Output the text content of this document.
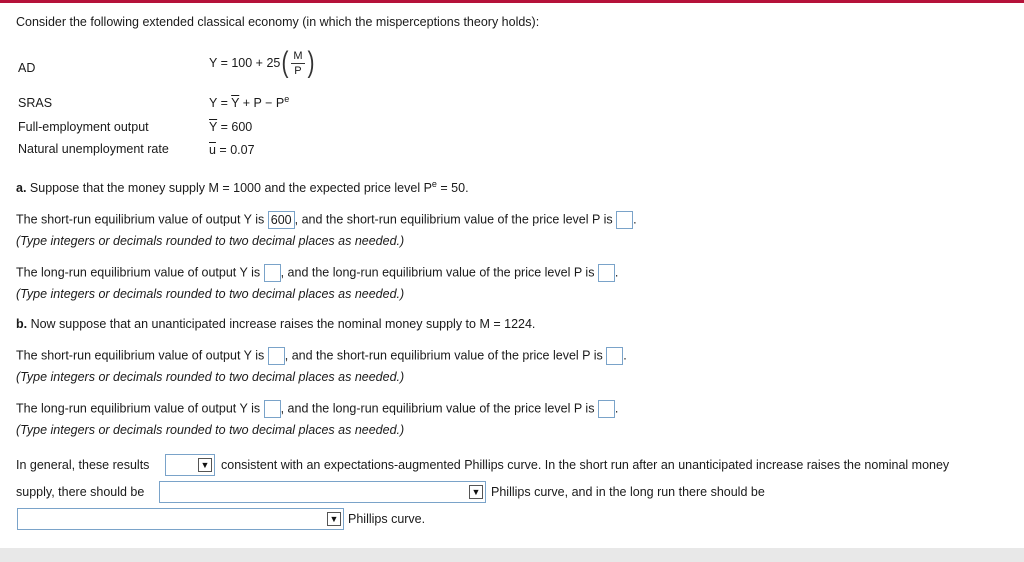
Consider the following extended classical economy (in which the misperceptions theory holds):
AD	Y = 100 + 25 ( $\frac{M}{P}$ )
SRAS	$Y = \overline{Y} + P - P^e$
Full-employment output	$\overline{Y} = 600$
Natural unemployment rate	$\overline{u} = 0.07$
a. Suppose that the money supply M = 1000 and the expected price level $P^e = 50$.
The short-run equilibrium value of output Y is 600 , and the short-run equilibrium value of the price level P is .
(Type integers or decimals rounded to two decimal places as needed.)
The long-run equilibrium value of output Y is , and the long-run equilibrium value of the price level P is .
(Type integers or decimals rounded to two decimal places as needed.)
b. Now suppose that an unanticipated increase raises the nominal money supply to M = 1224.
The short-run equilibrium value of output Y is , and the short-run equilibrium value of the price level P is .
(Type integers or decimals rounded to two decimal places as needed.)
The long-run equilibrium value of output Y is , and the long-run equilibrium value of the price level P is .
(Type integers or decimals rounded to two decimal places as needed.)
In general, these results	▼ consistent with an expectations-augmented Phillips curve. In the short run after an unanticipated increase raises the nominal money
supply, there should be	▼ Phillips curve, and in the long run there should be
▼ Phillips curve.
